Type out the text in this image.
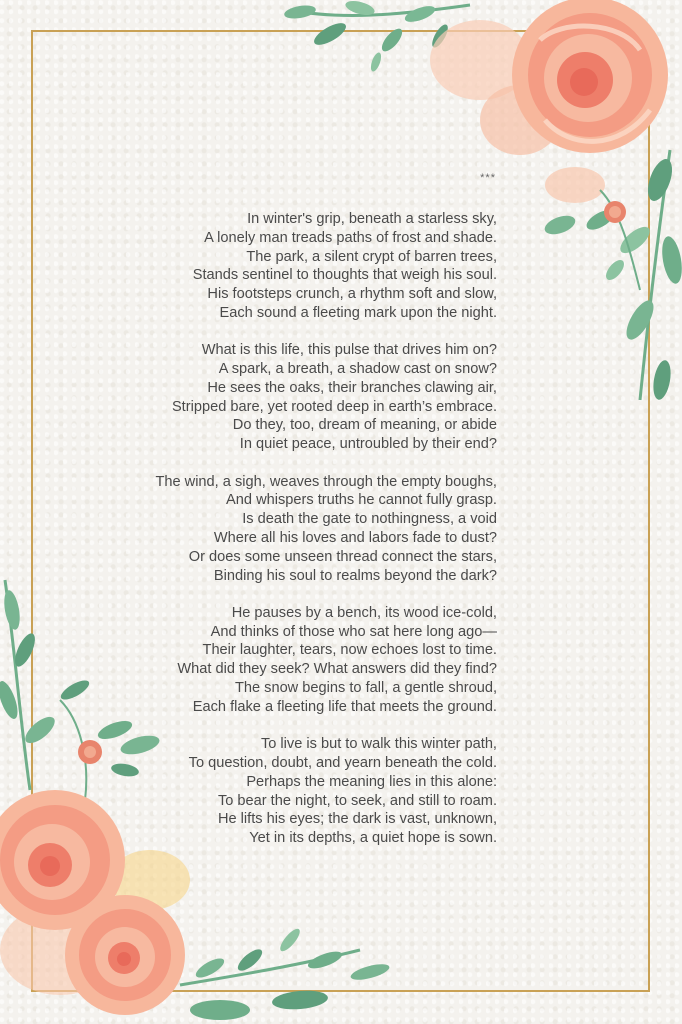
***
In winter's grip, beneath a starless sky,
A lonely man treads paths of frost and shade.
The park, a silent crypt of barren trees,
Stands sentinel to thoughts that weigh his soul.
His footsteps crunch, a rhythm soft and slow,
Each sound a fleeting mark upon the night.
What is this life, this pulse that drives him on?
A spark, a breath, a shadow cast on snow?
He sees the oaks, their branches clawing air,
Stripped bare, yet rooted deep in earth’s embrace.
Do they, too, dream of meaning, or abide
In quiet peace, untroubled by their end?
The wind, a sigh, weaves through the empty boughs,
And whispers truths he cannot fully grasp.
Is death the gate to nothingness, a void
Where all his loves and labors fade to dust?
Or does some unseen thread connect the stars,
Binding his soul to realms beyond the dark?
He pauses by a bench, its wood ice-cold,
And thinks of those who sat here long ago—
Their laughter, tears, now echoes lost to time.
What did they seek? What answers did they find?
The snow begins to fall, a gentle shroud,
Each flake a fleeting life that meets the ground.
To live is but to walk this winter path,
To question, doubt, and yearn beneath the cold.
Perhaps the meaning lies in this alone:
To bear the night, to seek, and still to roam.
He lifts his eyes; the dark is vast, unknown,
Yet in its depths, a quiet hope is sown.
